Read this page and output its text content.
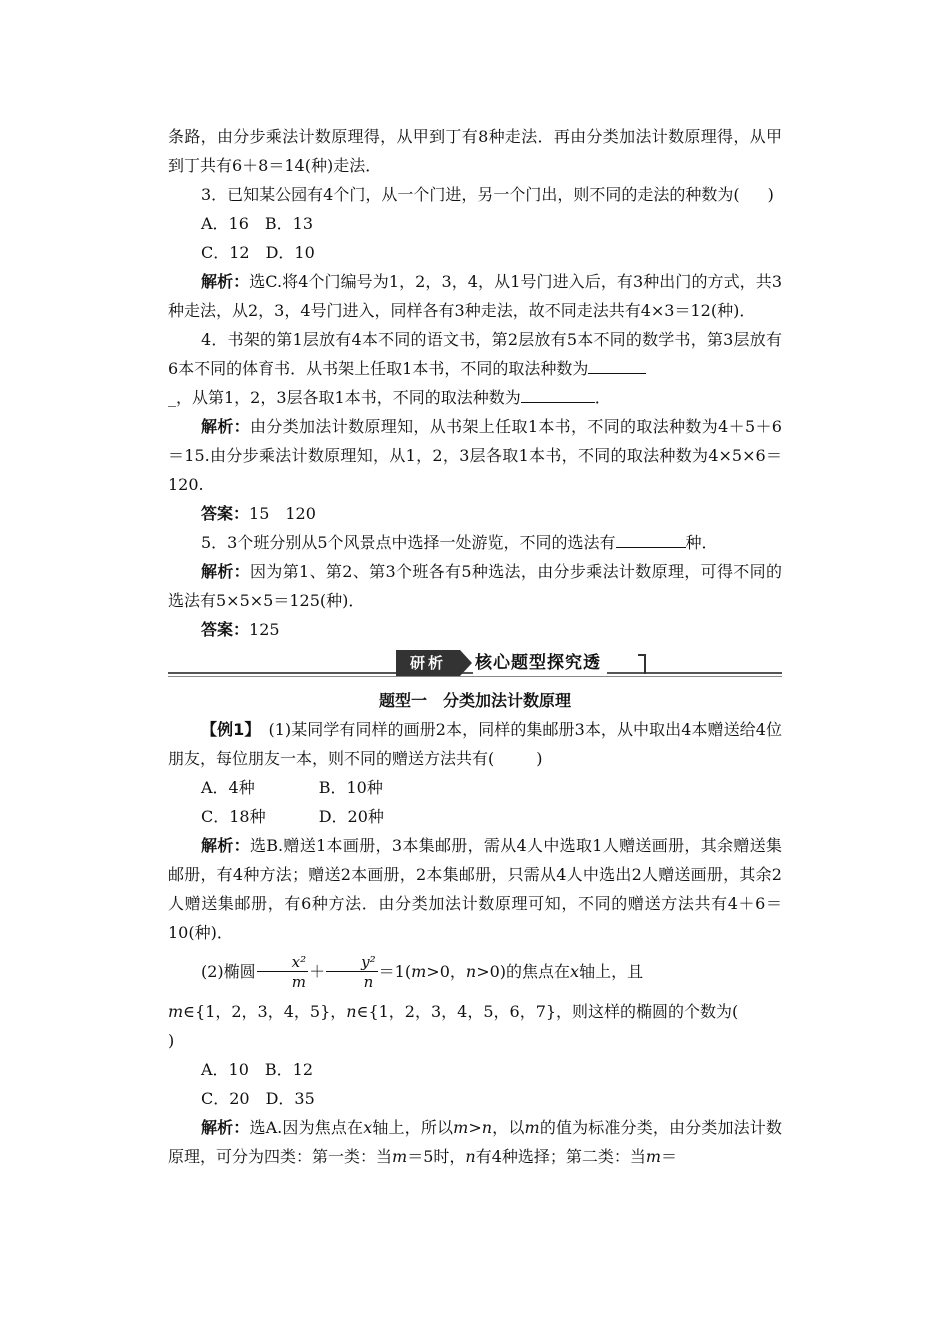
条路，由分步乘法计数原理得，从甲到丁有8种走法．再由分类加法计数原理得，从甲到丁共有6＋8＝14(种)走法．

3．已知某公园有4个门，从一个门进，另一个门出，则不同的走法的种数为( )

A．16　B．13

C．12　D．10

解析：选C.将4个门编号为1，2，3，4，从1号门进入后，有3种出门的方式，共3种走法，从2，3，4号门进入，同样各有3种走法，故不同走法共有4×3＝12(种)．

4．书架的第1层放有4本不同的语文书，第2层放有5本不同的数学书，第3层放有6本不同的体育书．从书架上任取1本书，不同的取法种数为
_，从第1，2，3层各取1本书，不同的取法种数为	．

解析：由分类加法计数原理知，从书架上任取1本书，不同的取法种数为4＋5＋6＝15.由分步乘法计数原理知，从1，2，3层各取1本书，不同的取法种数为4×5×6＝120.

答案：15　120

5．3个班分别从5个风景点中选择一处游览，不同的选法有	种．

解析：因为第1、第2、第3个班各有5种选法，由分步乘法计数原理，可得不同的选法有5×5×5＝125(种)．

答案：125

研析	核心题型探究透

题型一　分类加法计数原理

【例1】　 (1)某同学有同样的画册2本，同样的集邮册3本，从中取出4本赠送给4位朋友，每位朋友一本，则不同的赠送方法共有(	)

A．4种　　　　B．10种

C．18种　　　 D．20种

解析：选B.赠送1本画册，3本集邮册，需从4人中选取1人赠送画册，其余赠送集邮册，有4种方法；赠送2本画册，2本集邮册，只需从4人中选出2人赠送画册，其余2人赠送集邮册，有6种方法．由分类加法计数原理可知，不同的赠送方法共有4＋6＝10(种)．

(2)椭圆 $\frac{\text{x²}}{m} + \frac{\text{y²}}{n} =1(m>0$，n>0)的焦点在x轴上，且

m∈{1，2，3，4，5}，n∈{1，2，3，4，5，6，7}，则这样的椭圆的个数为(
)

A．10　B．12

C．20　D．35

解析：选A.因为焦点在x轴上，所以m>n，以m的值为标准分类，由分类加法计数原理，可分为四类：第一类：当m＝5时，n有4种选择；第二类：当m＝
